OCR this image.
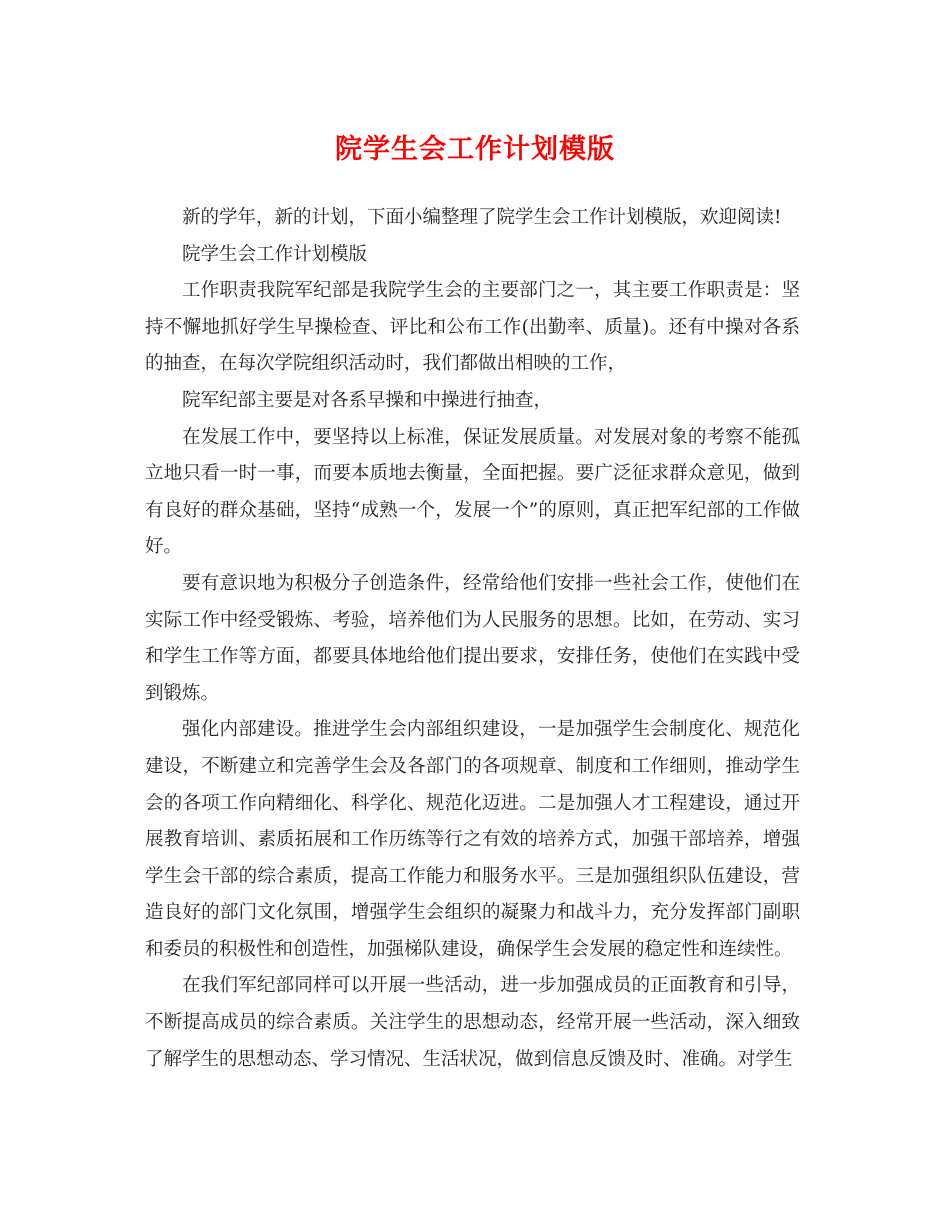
院学生会工作计划模版

新的学年，新的计划，下面小编整理了院学生会工作计划模版，欢迎阅读!

院学生会工作计划模版

工作职责我院军纪部是我院学生会的主要部门之一，其主要工作职责是：坚持不懈地抓好学生早操检查、评比和公布工作(出勤率、质量)。还有中操对各系的抽查，在每次学院组织活动时，我们都做出相映的工作，

院军纪部主要是对各系早操和中操进行抽查，

在发展工作中，要坚持以上标准，保证发展质量。对发展对象的考察不能孤立地只看一时一事，而要本质地去衡量，全面把握。要广泛征求群众意见，做到有良好的群众基础，坚持“成熟一个，发展一个”的原则，真正把军纪部的工作做好。

要有意识地为积极分子创造条件，经常给他们安排一些社会工作，使他们在实际工作中经受锻炼、考验，培养他们为人民服务的思想。比如，在劳动、实习和学生工作等方面，都要具体地给他们提出要求，安排任务，使他们在实践中受到锻炼。

强化内部建设。推进学生会内部组织建设，一是加强学生会制度化、规范化建设，不断建立和完善学生会及各部门的各项规章、制度和工作细则，推动学生会的各项工作向精细化、科学化、规范化迈进。二是加强人才工程建设，通过开展教育培训、素质拓展和工作历练等行之有效的培养方式，加强干部培养，增强学生会干部的综合素质，提高工作能力和服务水平。三是加强组织队伍建设，营造良好的部门文化氛围，增强学生会组织的凝聚力和战斗力，充分发挥部门副职和委员的积极性和创造性，加强梯队建设，确保学生会发展的稳定性和连续性。

在我们军纪部同样可以开展一些活动，进一步加强成员的正面教育和引导，不断提高成员的综合素质。关注学生的思想动态，经常开展一些活动，深入细致了解学生的思想动态、学习情况、生活状况，做到信息反馈及时、准确。对学生
